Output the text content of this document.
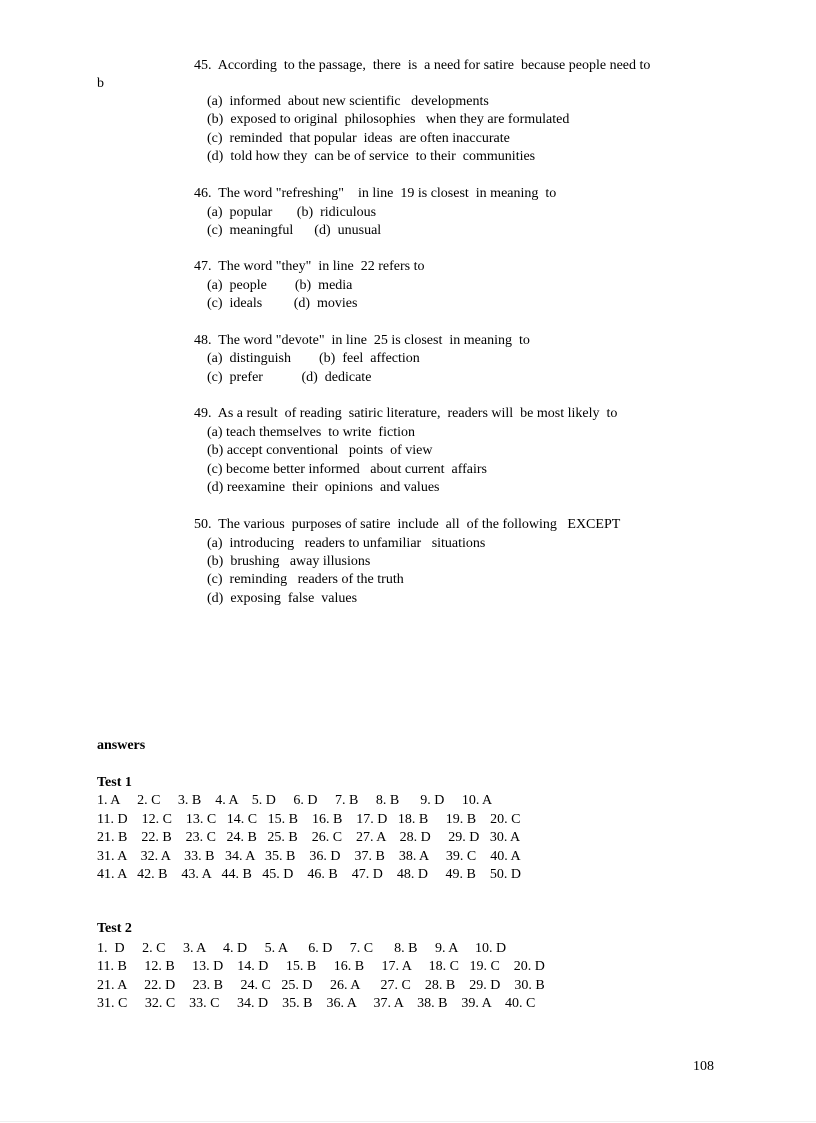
45.  According  to the passage,  there  is  a need for satire  because people need to
b
(a)  informed  about new scientific   developments
(b)  exposed to original  philosophies   when they are formulated
(c)  reminded  that popular  ideas  are often inaccurate
(d)  told how they  can be of service  to their  communities
46.  The word "refreshing"    in line  19 is closest  in meaning  to
(a)  popular       (b)  ridiculous
(c)  meaningful      (d)  unusual
47.  The word "they"  in line  22 refers to
(a)  people        (b)  media
(c)  ideals         (d)  movies
48.  The word "devote"  in line  25 is closest  in meaning  to
(a)  distinguish        (b)  feel  affection
(c)  prefer           (d)  dedicate
49.  As a result  of reading  satiric literature,  readers will  be most likely  to
(a) teach themselves  to write  fiction
(b) accept conventional   points  of view
(c) become better informed   about current  affairs
(d) reexamine  their  opinions  and values
50.  The various  purposes of satire  include  all  of the following   EXCEPT
(a)  introducing   readers to unfamiliar   situations
(b)  brushing   away illusions
(c)  reminding   readers of the truth
(d)  exposing  false  values
answers
Test 1
1. A     2. C     3. B    4. A    5. D     6. D     7. B     8. B      9. D     10. A
11. D    12. C    13. C   14. C   15. B    16. B    17. D   18. B     19. B    20. C
21. B    22. B    23. C   24. B   25. B    26. C    27. A    28. D     29. D   30. A
31. A    32. A    33. B   34. A   35. B    36. D    37. B    38. A     39. C    40. A
41. A   42. B    43. A   44. B   45. D    46. B    47. D    48. D     49. B    50. D
Test 2
1.  D     2. C     3. A     4. D     5. A      6. D     7. C      8. B     9. A     10. D
11. B     12. B     13. D    14. D     15. B     16. B     17. A     18. C   19. C    20. D
21. A     22. D     23. B     24. C   25. D     26. A      27. C    28. B    29. D    30. B
31. C     32. C    33. C     34. D    35. B    36. A     37. A    38. B    39. A    40. C
108
